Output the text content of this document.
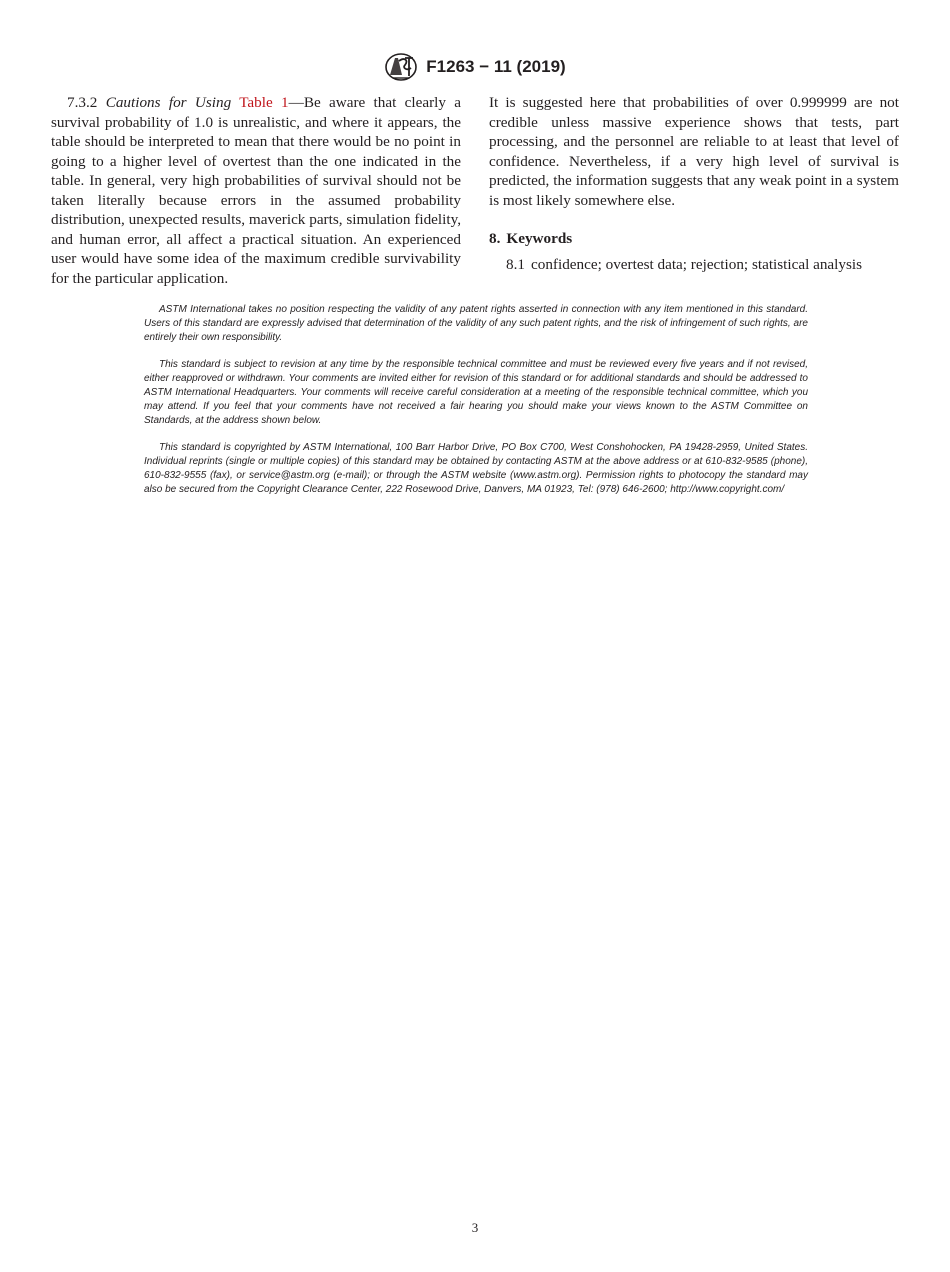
F1263 − 11 (2019)

7.3.2 Cautions for Using Table 1—Be aware that clearly a survival probability of 1.0 is unrealistic, and where it appears, the table should be interpreted to mean that there would be no point in going to a higher level of overtest than the one indicated in the table. In general, very high probabilities of survival should not be taken literally because errors in the assumed probability distribution, unexpected results, maverick parts, simulation fidelity, and human error, all affect a practical situation. An experienced user would have some idea of the maximum credible survivability for the particular application.

It is suggested here that probabilities of over 0.999999 are not credible unless massive experience shows that tests, part processing, and the personnel are reliable to at least that level of confidence. Nevertheless, if a very high level of survival is predicted, the information suggests that any weak point in a system is most likely somewhere else.

8. Keywords

8.1 confidence; overtest data; rejection; statistical analysis

ASTM International takes no position respecting the validity of any patent rights asserted in connection with any item mentioned in this standard. Users of this standard are expressly advised that determination of the validity of any such patent rights, and the risk of infringement of such rights, are entirely their own responsibility.

This standard is subject to revision at any time by the responsible technical committee and must be reviewed every five years and if not revised, either reapproved or withdrawn. Your comments are invited either for revision of this standard or for additional standards and should be addressed to ASTM International Headquarters. Your comments will receive careful consideration at a meeting of the responsible technical committee, which you may attend. If you feel that your comments have not received a fair hearing you should make your views known to the ASTM Committee on Standards, at the address shown below.

This standard is copyrighted by ASTM International, 100 Barr Harbor Drive, PO Box C700, West Conshohocken, PA 19428-2959, United States. Individual reprints (single or multiple copies) of this standard may be obtained by contacting ASTM at the above address or at 610-832-9585 (phone), 610-832-9555 (fax), or service@astm.org (e-mail); or through the ASTM website (www.astm.org). Permission rights to photocopy the standard may also be secured from the Copyright Clearance Center, 222 Rosewood Drive, Danvers, MA 01923, Tel: (978) 646-2600; http://www.copyright.com/

3
